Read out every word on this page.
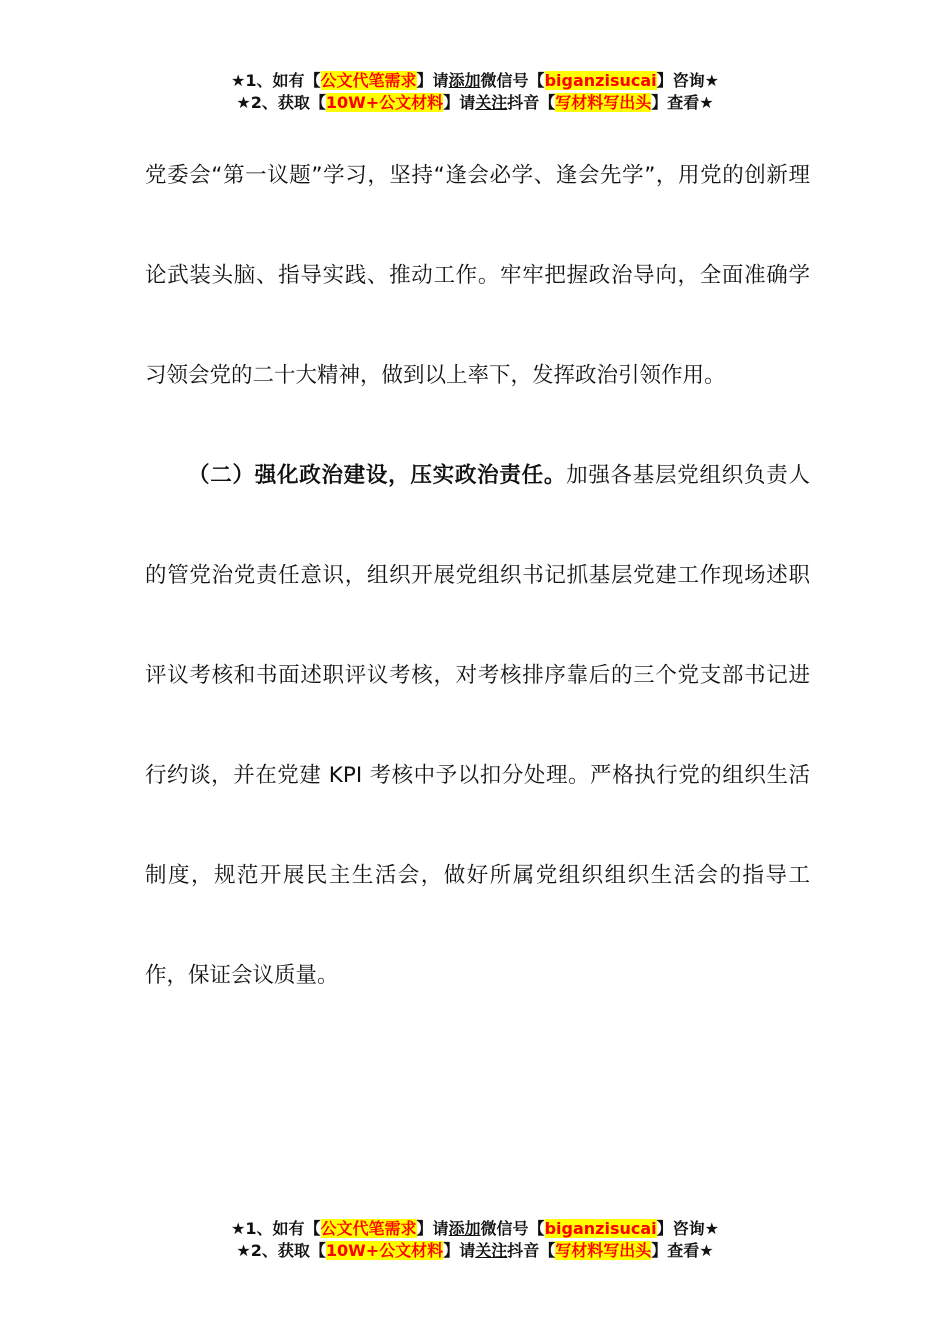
★1、如有【公文代笔需求】请添加微信号【biganzisucai】咨询★
★2、获取【10W+公文材料】请关注抖音【写材料写出头】查看★

党委会“第一议题”学习，坚持“逢会必学、逢会先学”，用党的创新理论武装头脑、指导实践、推动工作。牢牢把握政治导向，全面准确学习领会党的二十大精神，做到以上率下，发挥政治引领作用。

（二）强化政治建设，压实政治责任。加强各基层党组织负责人的管党治党责任意识，组织开展党组织书记抓基层党建工作现场述职评议考核和书面述职评议考核，对考核排序靠后的三个党支部书记进行约谈，并在党建 KPI 考核中予以扣分处理。严格执行党的组织生活制度，规范开展民主生活会，做好所属党组织组织生活会的指导工作，保证会议质量。

★1、如有【公文代笔需求】请添加微信号【biganzisucai】咨询★
★2、获取【10W+公文材料】请关注抖音【写材料写出头】查看★
